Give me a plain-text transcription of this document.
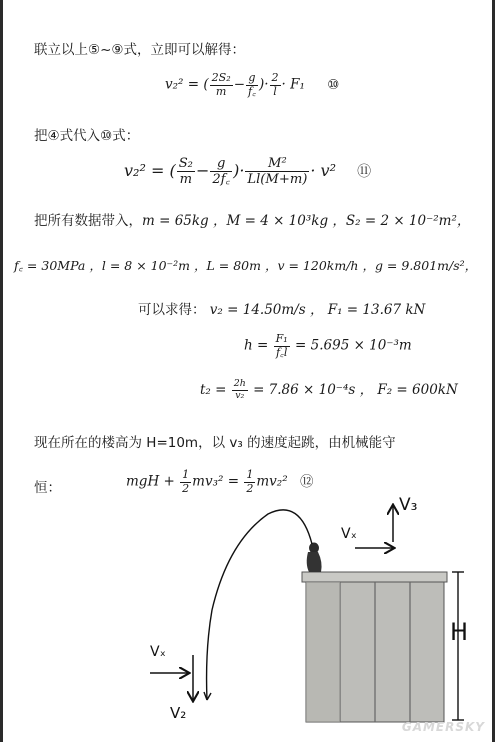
联立以上⑤~⑨式，立即可以解得：
v₂² = ( $\frac{\text{2S₂}}{m} - \frac{g}{f꜀}$ )· $\frac{2}{l} \cdot F_1$ ⑩
把④式代入⑩式：
v₂² = ( $\frac{\text{S₂}}{m} - \frac{g}{2f꜀}$ )· $\frac{\text{M²}}{Ll(M+m)} \cdot v^2$ ⑪
把所有数据带入，m = 65kg ，M = 4 × 10³kg ，S₂ = 2 × 10⁻²m²，
f꜀ = 30MPa ，l = 8 × 10⁻²m ，L = 80m ，v = 120km/h ，g = 9.801m/s²，
可以求得： v₂ = 14.50m/s ， F₁ = 13.67 kN
$h = \frac{\text{F₁}}{f꜀l} = 5.695 \times 10^{-3}m$
$t_2 = \frac{2h}{\text{v₂}} = 7.86 \times 10^{-4}s$ ， F₂ = 600kN
现在所在的楼高为 H=10m，以 v₃ 的速度起跳，由机械能守
恒：	mgH + $\frac{1}{2} mv_3^2 = \frac{1}{2} mv_2^2$ ⑫
V₃
Vₓ
Vₓ
V₂
H
GAMERSKY
